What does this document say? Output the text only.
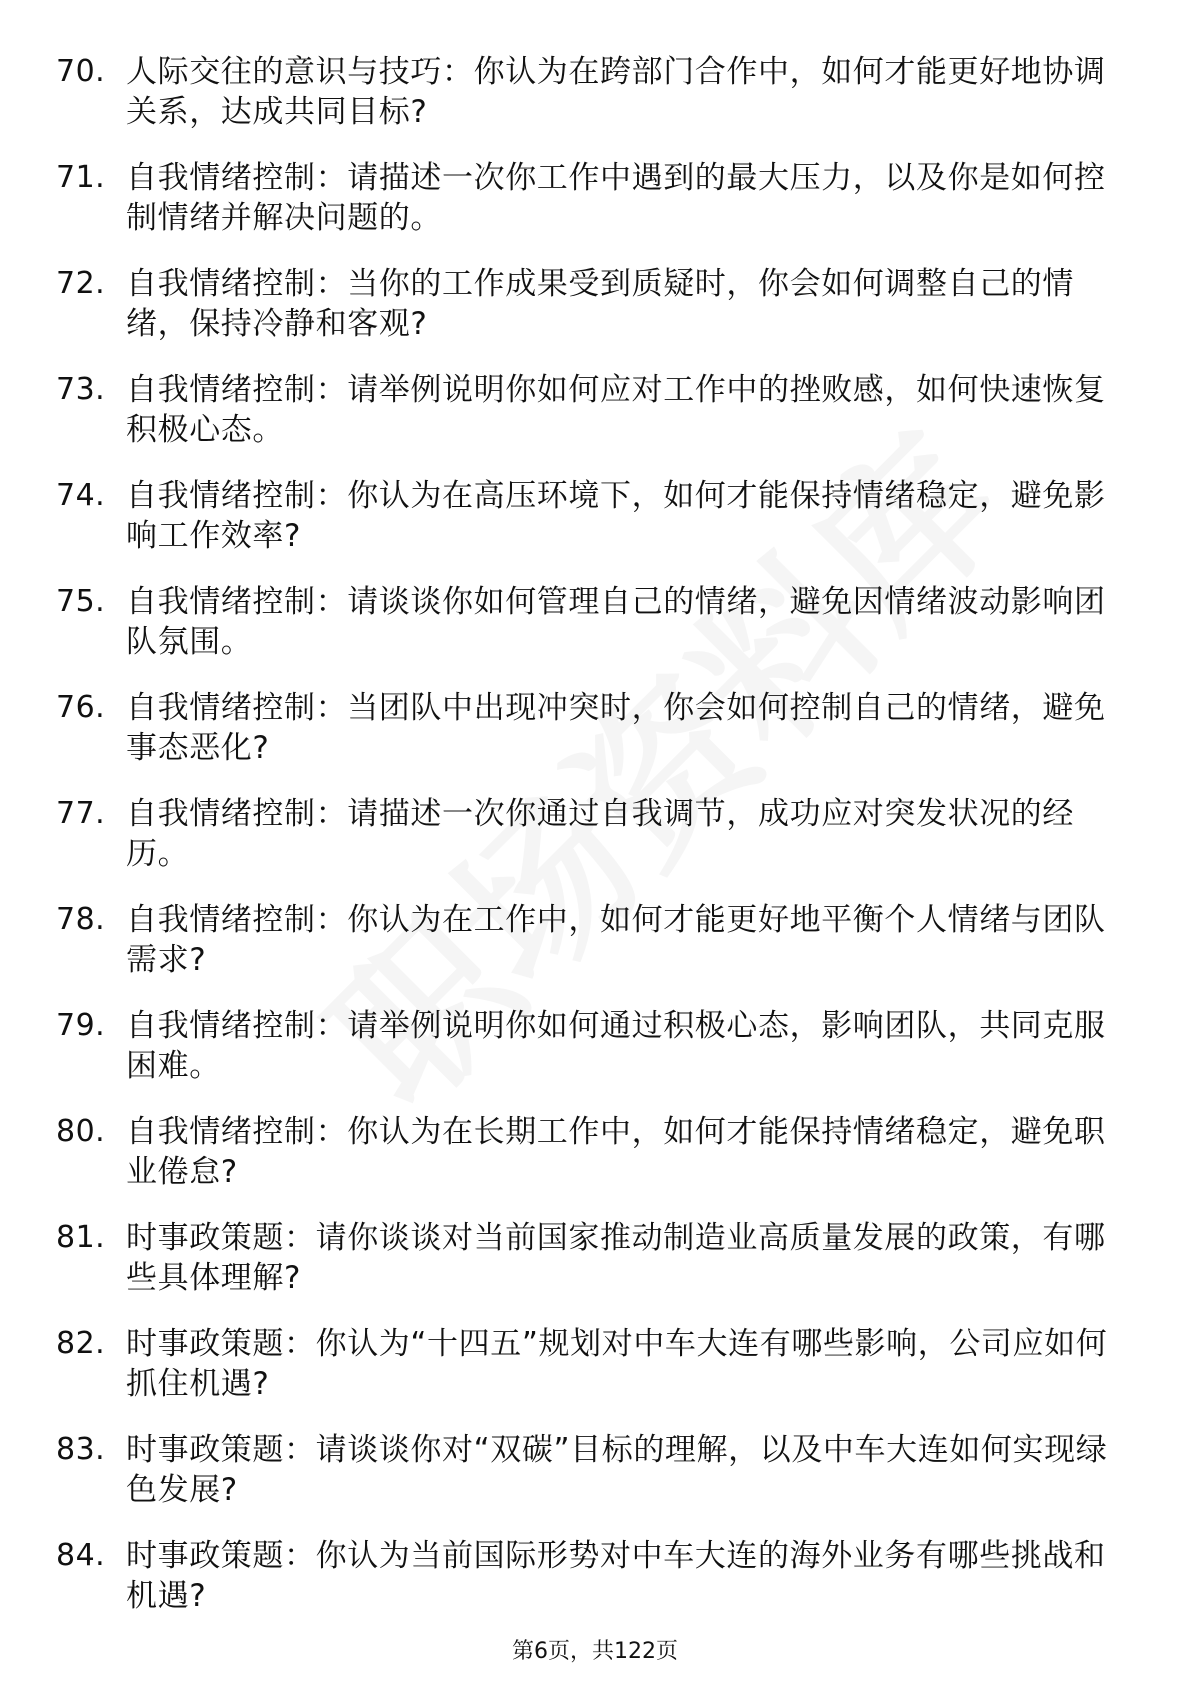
70. 人际交往的意识与技巧：你认为在跨部门合作中，如何才能更好地协调关系，达成共同目标?
71. 自我情绪控制：请描述一次你工作中遇到的最大压力，以及你是如何控制情绪并解决问题的。
72. 自我情绪控制：当你的工作成果受到质疑时，你会如何调整自己的情绪，保持冷静和客观?
73. 自我情绪控制：请举例说明你如何应对工作中的挫败感，如何快速恢复积极心态。
74. 自我情绪控制：你认为在高压环境下，如何才能保持情绪稳定，避免影响工作效率?
75. 自我情绪控制：请谈谈你如何管理自己的情绪，避免因情绪波动影响团队氛围。
76. 自我情绪控制：当团队中出现冲突时，你会如何控制自己的情绪，避免事态恶化?
77. 自我情绪控制：请描述一次你通过自我调节，成功应对突发状况的经历。
78. 自我情绪控制：你认为在工作中，如何才能更好地平衡个人情绪与团队需求?
79. 自我情绪控制：请举例说明你如何通过积极心态，影响团队，共同克服困难。
80. 自我情绪控制：你认为在长期工作中，如何才能保持情绪稳定，避免职业倦怠?
81. 时事政策题：请你谈谈对当前国家推动制造业高质量发展的政策，有哪些具体理解?
82. 时事政策题：你认为“十四五”规划对中车大连有哪些影响，公司应如何抓住机遇?
83. 时事政策题：请谈谈你对“双碳”目标的理解，以及中车大连如何实现绿色发展?
84. 时事政策题：你认为当前国际形势对中车大连的海外业务有哪些挑战和机遇?
第6页，共122页
